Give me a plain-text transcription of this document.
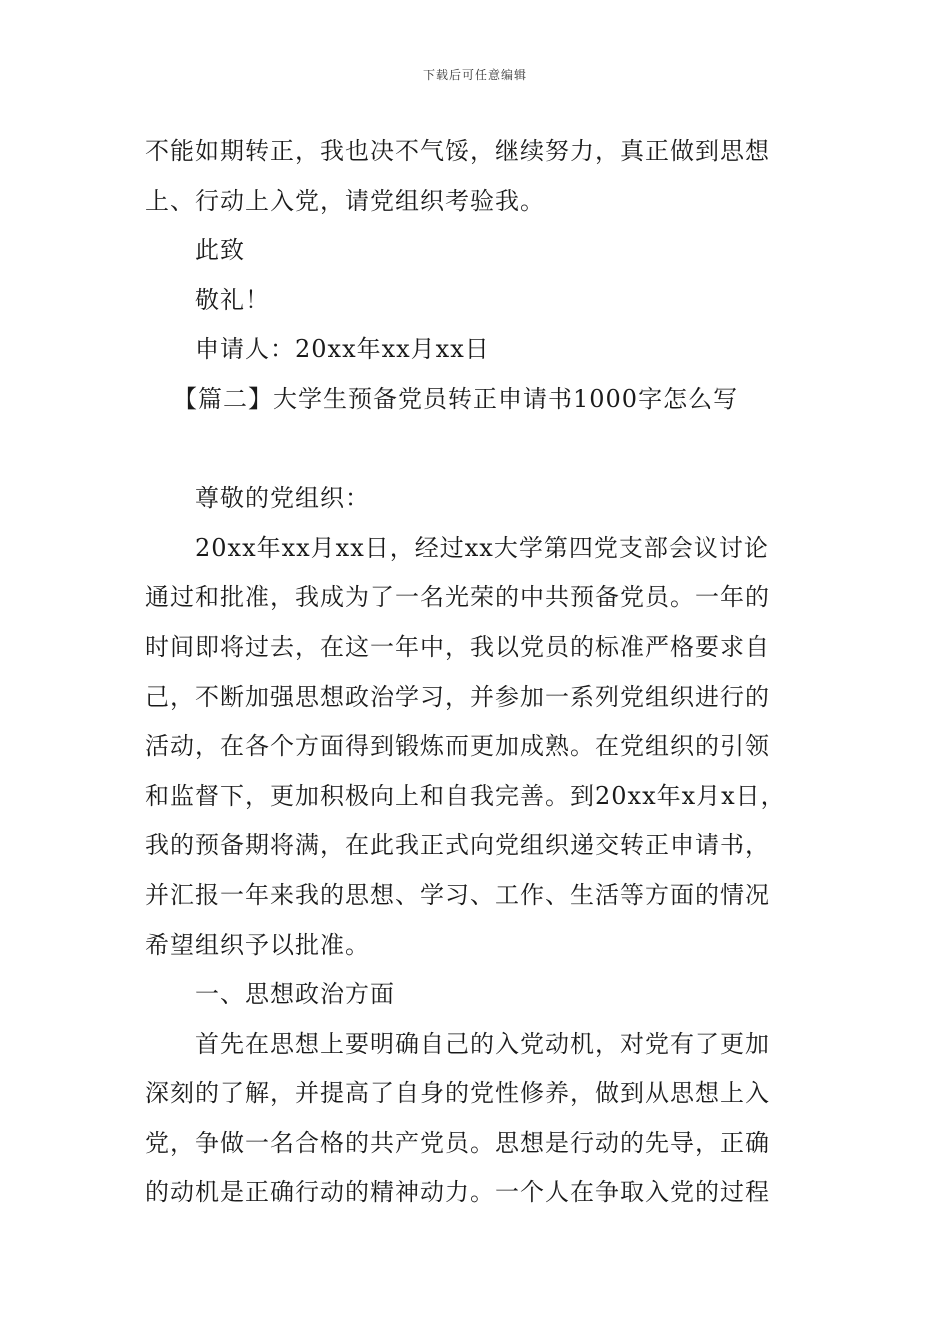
下载后可任意编辑
不能如期转正，我也决不气馁，继续努力，真正做到思想
上、行动上入党，请党组织考验我。
此致
敬礼！
申请人：20xx年xx月xx日
【篇二】大学生预备党员转正申请书1000字怎么写
尊敬的党组织：
20xx年xx月xx日，经过xx大学第四党支部会议讨论
通过和批准，我成为了一名光荣的中共预备党员。一年的
时间即将过去，在这一年中，我以党员的标准严格要求自
己，不断加强思想政治学习，并参加一系列党组织进行的
活动，在各个方面得到锻炼而更加成熟。在党组织的引领
和监督下，更加积极向上和自我完善。到20xx年x月x日，
我的预备期将满，在此我正式向党组织递交转正申请书，
并汇报一年来我的思想、学习、工作、生活等方面的情况
希望组织予以批准。
一、思想政治方面
首先在思想上要明确自己的入党动机，对党有了更加
深刻的了解，并提高了自身的党性修养，做到从思想上入
党，争做一名合格的共产党员。思想是行动的先导，正确
的动机是正确行动的精神动力。一个人在争取入党的过程
